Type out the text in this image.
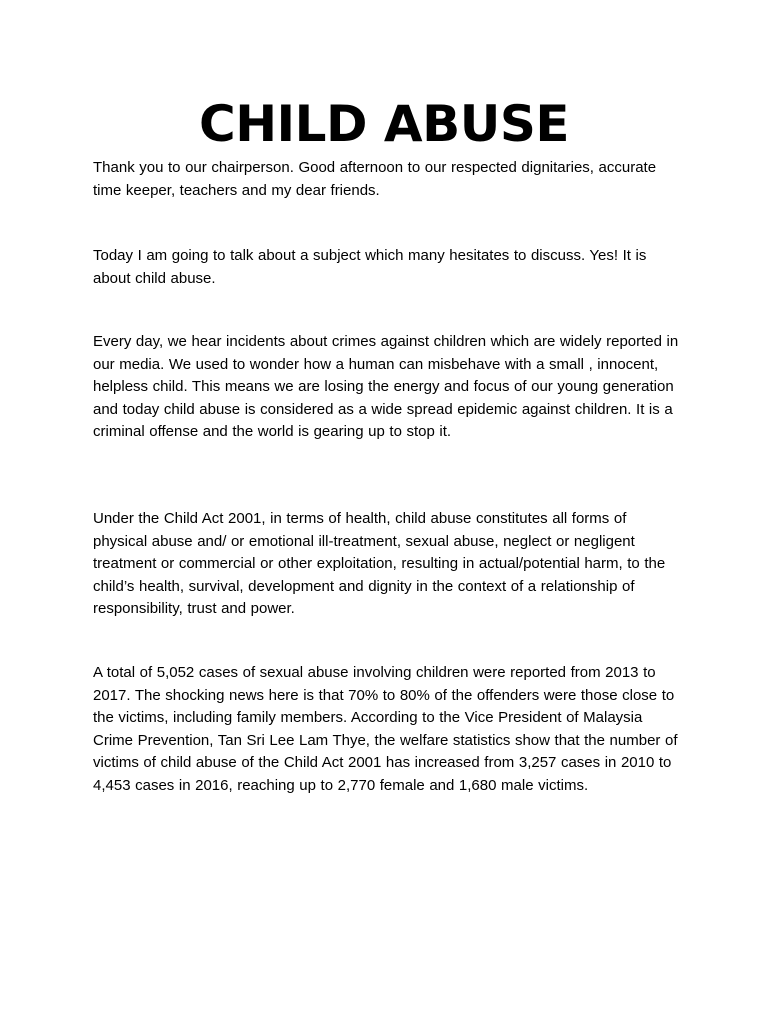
CHILD ABUSE

Thank you to our chairperson. Good afternoon to our respected dignitaries, accurate time keeper, teachers and my dear friends.

Today I am going to talk about a subject which many hesitates to discuss. Yes! It is about child abuse.

Every day, we hear incidents about crimes against children which are widely reported in our media. We used to wonder how a human can misbehave with a small , innocent, helpless child. This means we are losing the energy and focus of our young generation and today child abuse is considered as a wide spread epidemic against children. It is a criminal offense and the world is gearing up to stop it.

Under the Child Act 2001, in terms of health, child abuse constitutes all forms of physical abuse and/ or emotional ill-treatment, sexual abuse, neglect or negligent treatment or commercial or other exploitation, resulting in actual/potential harm, to the child’s health, survival, development and dignity in the context of a relationship of responsibility, trust and power.

A total of 5,052 cases of sexual abuse involving children were reported from 2013 to 2017. The shocking news here is that 70% to 80% of the offenders were those close to the victims, including family members. According to the Vice President of Malaysia Crime Prevention, Tan Sri Lee Lam Thye, the welfare statistics show that the number of victims of child abuse of the Child Act 2001 has increased from 3,257 cases in 2010 to 4,453 cases in 2016, reaching up to 2,770 female and 1,680 male victims.
